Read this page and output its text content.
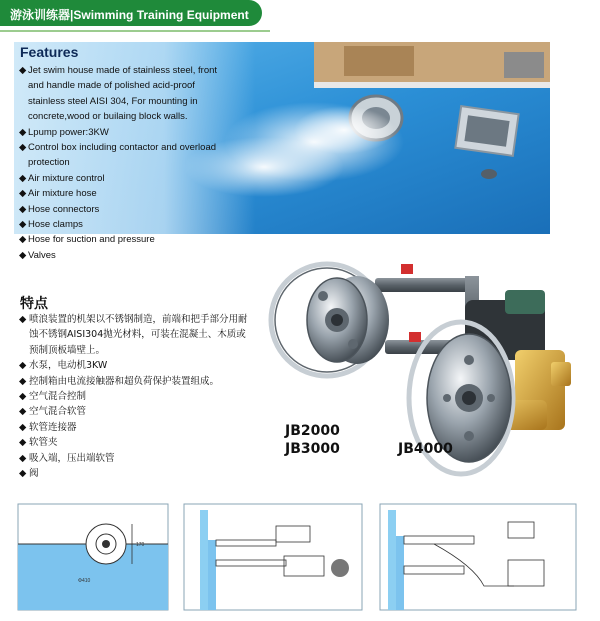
游泳训练器|Swimming Training Equipment
Features
◆ Jet swim house made of stainless steel, front and handle made of polished acid-proof stainless steel AISI 304, For mounting in concrete,wood or builaing block walls.
◆ Lpump power:3KW
◆ Control box including contactor and overload protection
◆ Air mixture control
◆ Air mixture hose
◆ Hose connectors
◆ Hose clamps
◆ Hose for suction and pressure
◆ Valves
特点
◆ 喷浪装置的机架以不锈钢制造，前端和把手部分用耐蚀不锈钢AISI304抛光材料，可装在混凝土、木质或预制顶板墙壁上。
◆ 水泵，电动机3KW
◆ 控制箱由电流接触器和超负荷保护装置组成。
◆ 空气混合控制
◆ 空气混合软管
◆ 软管连接器
◆ 软管夹
◆ 吸入端，压出端软管
◆ 阀
JB2000
JB3000	JB4000
170
Φ410
